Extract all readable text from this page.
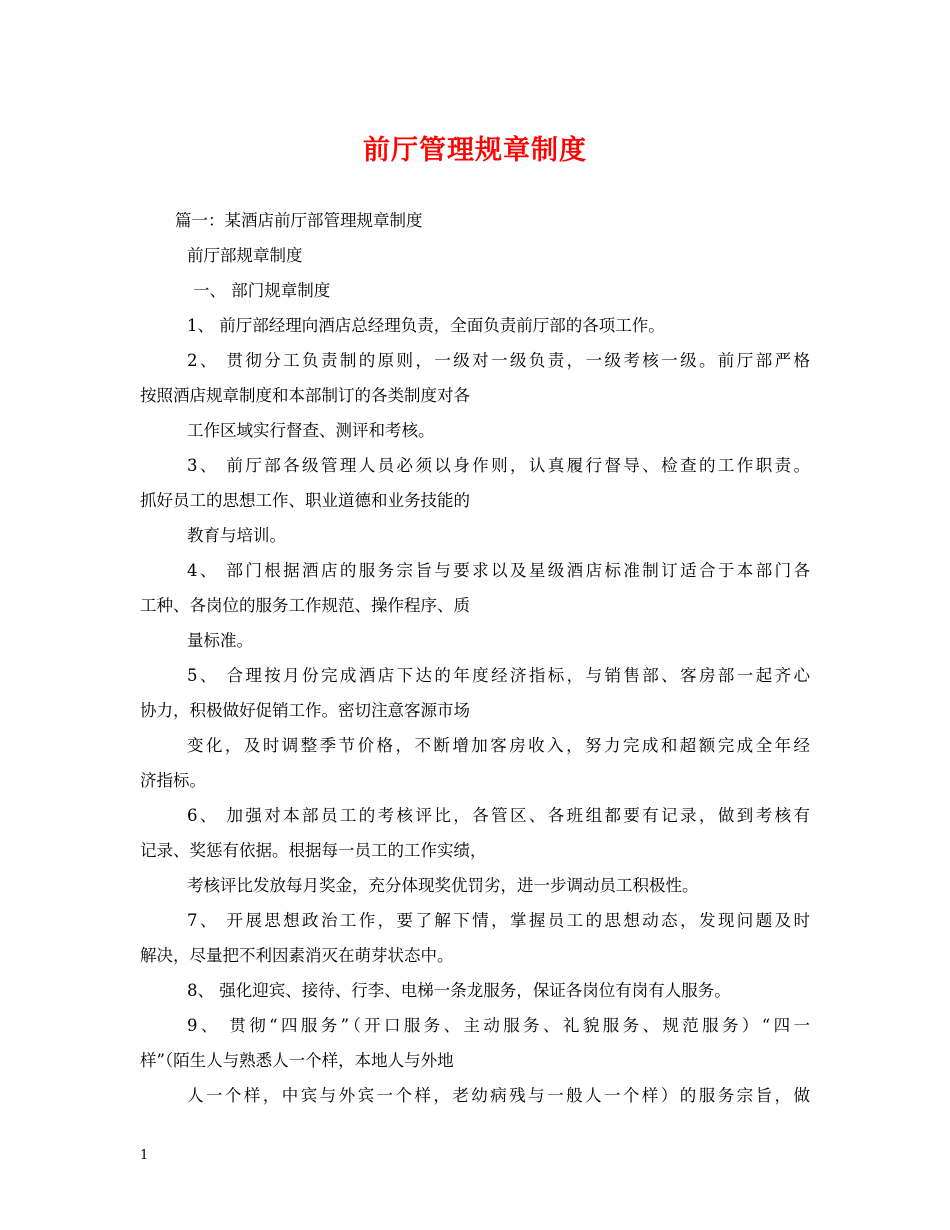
前厅管理规章制度
篇一：某酒店前厅部管理规章制度
前厅部规章制度
一、 部门规章制度
1、 前厅部经理向酒店总经理负责，全面负责前厅部的各项工作。
2、 贯彻分工负责制的原则，一级对一级负责，一级考核一级。前厅部严格
按照酒店规章制度和本部制订的各类制度对各
工作区域实行督查、测评和考核。
3、 前厅部各级管理人员必须以身作则，认真履行督导、检查的工作职责。
抓好员工的思想工作、职业道德和业务技能的
教育与培训。
4、 部门根据酒店的服务宗旨与要求以及星级酒店标准制订适合于本部门各
工种、各岗位的服务工作规范、操作程序、质
量标准。
5、 合理按月份完成酒店下达的年度经济指标，与销售部、客房部一起齐心
协力，积极做好促销工作。密切注意客源市场
变化，及时调整季节价格，不断增加客房收入，努力完成和超额完成全年经
济指标。
6、 加强对本部员工的考核评比，各管区、各班组都要有记录，做到考核有
记录、奖惩有依据。根据每一员工的工作实绩，
考核评比发放每月奖金，充分体现奖优罚劣，进一步调动员工积极性。
7、 开展思想政治工作，要了解下情，掌握员工的思想动态，发现问题及时
解决，尽量把不利因素消灭在萌芽状态中。
8、 强化迎宾、接待、行李、电梯一条龙服务，保证各岗位有岗有人服务。
9、 贯彻“四服务”（开口服务、主动服务、礼貌服务、规范服务）“四一
样”（陌生人与熟悉人一个样，本地人与外地
人一个样，中宾与外宾一个样，老幼病残与一般人一个样）的服务宗旨，做
1
